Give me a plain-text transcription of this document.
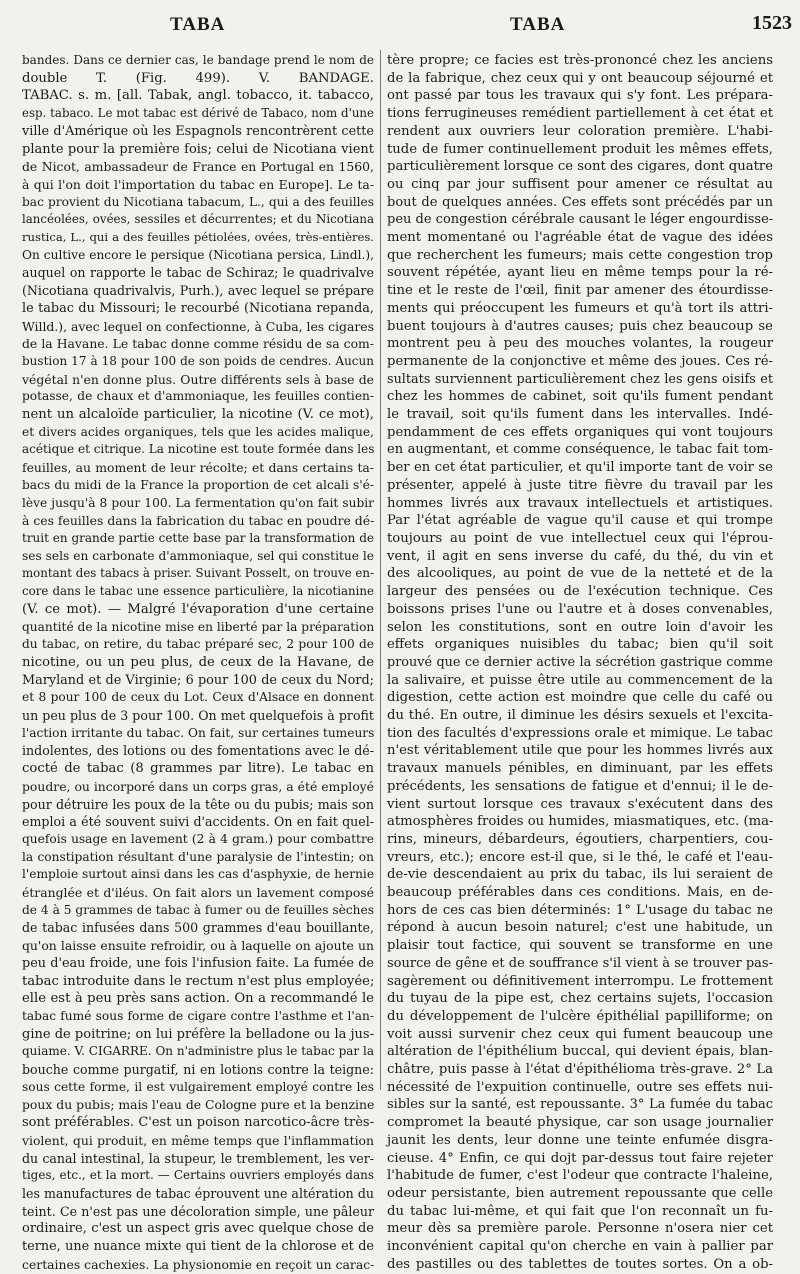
TABA	TABA	1523
bandes. Dans ce dernier cas, le bandage prend le nom de
double T. (Fig. 499). V. BANDAGE.
TABAC. s. m. [all. Tabak, angl. tobacco, it. tabacco,
esp. tabaco. Le mot tabac est dérivé de Tabaco, nom d'une
ville d'Amérique où les Espagnols rencontrèrent cette
plante pour la première fois; celui de Nicotiana vient
de Nicot, ambassadeur de France en Portugal en 1560,
à qui l'on doit l'importation du tabac en Europe]. Le ta-
bac provient du Nicotiana tabacum, L., qui a des feuilles
lancéolées, ovées, sessiles et décurrentes; et du Nicotiana
rustica, L., qui a des feuilles pétiolées, ovées, très-entières.
On cultive encore le persique (Nicotiana persica, Lindl.),
auquel on rapporte le tabac de Schiraz; le quadrivalve
(Nicotiana quadrivalvis, Purh.), avec lequel se prépare
le tabac du Missouri; le recourbé (Nicotiana repanda,
Willd.), avec lequel on confectionne, à Cuba, les cigares
de la Havane. Le tabac donne comme résidu de sa com-
bustion 17 à 18 pour 100 de son poids de cendres. Aucun
végétal n'en donne plus. Outre différents sels à base de
potasse, de chaux et d'ammoniaque, les feuilles contien-
nent un alcaloïde particulier, la nicotine (V. ce mot),
et divers acides organiques, tels que les acides malique,
acétique et citrique. La nicotine est toute formée dans les
feuilles, au moment de leur récolte; et dans certains ta-
bacs du midi de la France la proportion de cet alcali s'é-
lève jusqu'à 8 pour 100. La fermentation qu'on fait subir
à ces feuilles dans la fabrication du tabac en poudre dé-
truit en grande partie cette base par la transformation de
ses sels en carbonate d'ammoniaque, sel qui constitue le
montant des tabacs à priser. Suivant Posselt, on trouve en-
core dans le tabac une essence particulière, la nicotianine
(V. ce mot). — Malgré l'évaporation d'une certaine
quantité de la nicotine mise en liberté par la préparation
du tabac, on retire, du tabac préparé sec, 2 pour 100 de
nicotine, ou un peu plus, de ceux de la Havane, de
Maryland et de Virginie; 6 pour 100 de ceux du Nord;
et 8 pour 100 de ceux du Lot. Ceux d'Alsace en donnent
un peu plus de 3 pour 100. On met quelquefois à profit
l'action irritante du tabac. On fait, sur certaines tumeurs
indolentes, des lotions ou des fomentations avec le dé-
cocté de tabac (8 grammes par litre). Le tabac en
poudre, ou incorporé dans un corps gras, a été employé
pour détruire les poux de la tête ou du pubis; mais son
emploi a été souvent suivi d'accidents. On en fait quel-
quefois usage en lavement (2 à 4 gram.) pour combattre
la constipation résultant d'une paralysie de l'intestin; on
l'emploie surtout ainsi dans les cas d'asphyxie, de hernie
étranglée et d'iléus. On fait alors un lavement composé
de 4 à 5 grammes de tabac à fumer ou de feuilles sèches
de tabac infusées dans 500 grammes d'eau bouillante,
qu'on laisse ensuite refroidir, ou à laquelle on ajoute un
peu d'eau froide, une fois l'infusion faite. La fumée de
tabac introduite dans le rectum n'est plus employée;
elle est à peu près sans action. On a recommandé le
tabac fumé sous forme de cigare contre l'asthme et l'an-
gine de poitrine; on lui préfère la belladone ou la jus-
quiame. V. CIGARRE. On n'administre plus le tabac par la
bouche comme purgatif, ni en lotions contre la teigne:
sous cette forme, il est vulgairement employé contre les
poux du pubis; mais l'eau de Cologne pure et la benzine
sont préférables. C'est un poison narcotico-âcre très-
violent, qui produit, en même temps que l'inflammation
du canal intestinal, la stupeur, le tremblement, les ver-
tiges, etc., et la mort. — Certains ouvriers employés dans
les manufactures de tabac éprouvent une altération du
teint. Ce n'est pas une décoloration simple, une pâleur
ordinaire, c'est un aspect gris avec quelque chose de
terne, une nuance mixte qui tient de la chlorose et de
certaines cachexies. La physionomie en reçoit un carac-
tère propre; ce facies est très-prononcé chez les anciens
de la fabrique, chez ceux qui y ont beaucoup séjourné et
ont passé par tous les travaux qui s'y font. Les prépara-
tions ferrugineuses remédient partiellement à cet état et
rendent aux ouvriers leur coloration première. L'habi-
tude de fumer continuellement produit les mêmes effets,
particulièrement lorsque ce sont des cigares, dont quatre
ou cinq par jour suffisent pour amener ce résultat au
bout de quelques années. Ces effets sont précédés par un
peu de congestion cérébrale causant le léger engourdisse-
ment momentané ou l'agréable état de vague des idées
que recherchent les fumeurs; mais cette congestion trop
souvent répétée, ayant lieu en même temps pour la ré-
tine et le reste de l'œil, finit par amener des étourdisse-
ments qui préoccupent les fumeurs et qu'à tort ils attri-
buent toujours à d'autres causes; puis chez beaucoup se
montrent peu à peu des mouches volantes, la rougeur
permanente de la conjonctive et même des joues. Ces ré-
sultats surviennent particulièrement chez les gens oisifs et
chez les hommes de cabinet, soit qu'ils fument pendant
le travail, soit qu'ils fument dans les intervalles. Indé-
pendamment de ces effets organiques qui vont toujours
en augmentant, et comme conséquence, le tabac fait tom-
ber en cet état particulier, et qu'il importe tant de voir se
présenter, appelé à juste titre fièvre du travail par les
hommes livrés aux travaux intellectuels et artistiques.
Par l'état agréable de vague qu'il cause et qui trompe
toujours au point de vue intellectuel ceux qui l'éprou-
vent, il agit en sens inverse du café, du thé, du vin et
des alcooliques, au point de vue de la netteté et de la
largeur des pensées ou de l'exécution technique. Ces
boissons prises l'une ou l'autre et à doses convenables,
selon les constitutions, sont en outre loin d'avoir les
effets organiques nuisibles du tabac; bien qu'il soit
prouvé que ce dernier active la sécrétion gastrique comme
la salivaire, et puisse être utile au commencement de la
digestion, cette action est moindre que celle du café ou
du thé. En outre, il diminue les désirs sexuels et l'excita-
tion des facultés d'expressions orale et mimique. Le tabac
n'est véritablement utile que pour les hommes livrés aux
travaux manuels pénibles, en diminuant, par les effets
précédents, les sensations de fatigue et d'ennui; il le de-
vient surtout lorsque ces travaux s'exécutent dans des
atmosphères froides ou humides, miasmatiques, etc. (ma-
rins, mineurs, débardeurs, égoutiers, charpentiers, cou-
vreurs, etc.); encore est-il que, si le thé, le café et l'eau-
de-vie descendaient au prix du tabac, ils lui seraient de
beaucoup préférables dans ces conditions. Mais, en de-
hors de ces cas bien déterminés: 1° L'usage du tabac ne
répond à aucun besoin naturel; c'est une habitude, un
plaisir tout factice, qui souvent se transforme en une
source de gêne et de souffrance s'il vient à se trouver pas-
sagèrement ou définitivement interrompu. Le frottement
du tuyau de la pipe est, chez certains sujets, l'occasion
du développement de l'ulcère épithélial papilliforme; on
voit aussi survenir chez ceux qui fument beaucoup une
altération de l'épithélium buccal, qui devient épais, blan-
châtre, puis passe à l'état d'épithélioma très-grave. 2° La
nécessité de l'expuition continuelle, outre ses effets nui-
sibles sur la santé, est repoussante. 3° La fumée du tabac
compromet la beauté physique, car son usage journalier
jaunit les dents, leur donne une teinte enfumée disgra-
cieuse. 4° Enfin, ce qui dojt par-dessus tout faire rejeter
l'habitude de fumer, c'est l'odeur que contracte l'haleine,
odeur persistante, bien autrement repoussante que celle
du tabac lui-même, et qui fait que l'on reconnaît un fu-
meur dès sa première parole. Personne n'osera nier cet
inconvénient capital qu'on cherche en vain à pallier par
des pastilles ou des tablettes de toutes sortes. On a ob-
